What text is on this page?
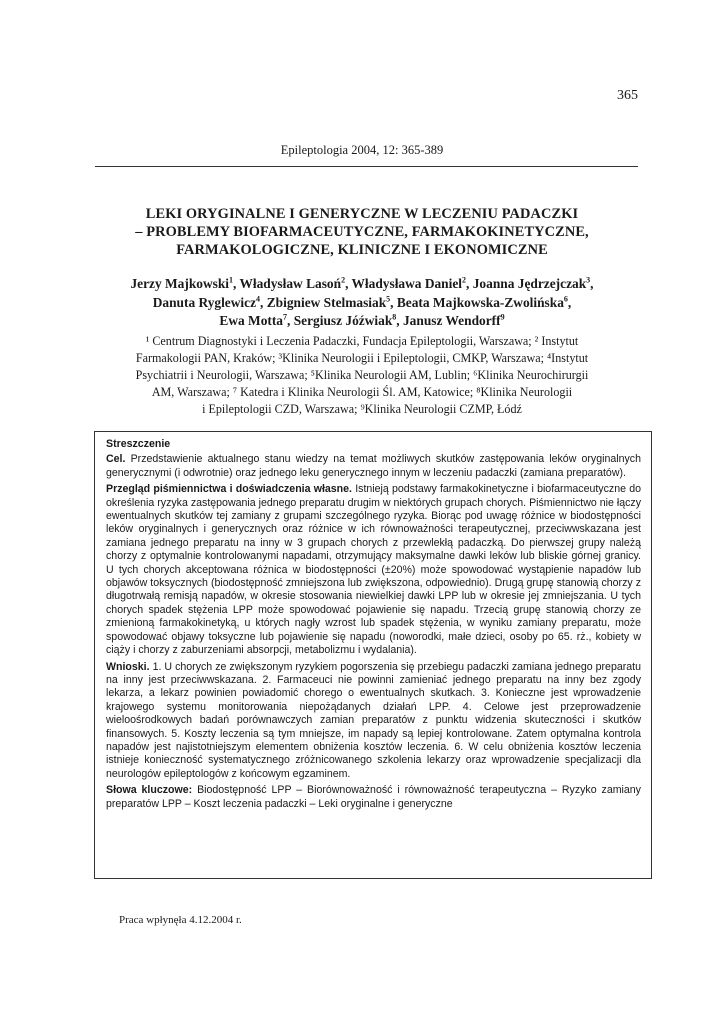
365
Epileptologia 2004, 12: 365-389
LEKI ORYGINALNE I GENERYCZNE W LECZENIU PADACZKI
– PROBLEMY BIOFARMACEUTYCZNE, FARMAKOKINETYCZNE,
FARMAKOLOGICZNE, KLINICZNE I EKONOMICZNE
Jerzy Majkowski$^1$, Władysław Lasoń$^2$, Władysława Daniel$^2$, Joanna Jędrzejczak$^3$,
Danuta Ryglewicz$^4$, Zbigniew Stelmasiak$^5$, Beata Majkowska-Zwolińska$^6$,
Ewa Motta$^7$, Sergiusz Jóźwiak$^8$, Janusz Wendorff$^9$
¹ Centrum Diagnostyki i Leczenia Padaczki, Fundacja Epileptologii, Warszawa; ² Instytut
Farmakologii PAN, Kraków; ³Klinika Neurologii i Epileptologii, CMKP, Warszawa; ⁴Instytut
Psychiatrii i Neurologii, Warszawa; ⁵Klinika Neurologii AM, Lublin; ⁶Klinika Neurochirurgii
AM, Warszawa; ⁷ Katedra i Klinika Neurologii Śl. AM, Katowice; ⁸Klinika Neurologii
i Epileptologii CZD, Warszawa; ⁹Klinika Neurologii CZMP, Łódź
Streszczenie

Cel. Przedstawienie aktualnego stanu wiedzy na temat możliwych skutków zastępowania leków oryginalnych generycznymi (i odwrotnie) oraz jednego leku generycznego innym w leczeniu padaczki (zamiana preparatów).

Przegląd piśmiennictwa i doświadczenia własne. Istnieją podstawy farmakokinetyczne i biofarmaceutyczne do określenia ryzyka zastępowania jednego preparatu drugim w niektórych grupach chorych. Piśmiennictwo nie łączy ewentualnych skutków tej zamiany z grupami szczególnego ryzyka. Biorąc pod uwagę różnice w biodostępności leków oryginalnych i generycznych oraz różnice w ich równoważności terapeutycznej, przeciwwskazana jest zamiana jednego preparatu na inny w 3 grupach chorych z przewlekłą padaczką. Do pierwszej grupy należą chorzy z optymalnie kontrolowanymi napadami, otrzymujący maksymalne dawki leków lub bliskie górnej granicy. U tych chorych akceptowana różnica w biodostępności (±20%) może spowodować wystąpienie napadów lub objawów toksycznych (biodostępność zmniejszona lub zwiększona, odpowiednio). Drugą grupę stanowią chorzy z długotrwałą remisją napadów, w okresie stosowania niewielkiej dawki LPP lub w okresie jej zmniejszania. U tych chorych spadek stężenia LPP może spowodować pojawienie się napadu. Trzecią grupę stanowią chorzy ze zmienioną farmakokinetyką, u których nagły wzrost lub spadek stężenia, w wyniku zamiany preparatu, może spowodować objawy toksyczne lub pojawienie się napadu (noworodki, małe dzieci, osoby po 65. rż., kobiety w ciąży i chorzy z zaburzeniami absorpcji, metabolizmu i wydalania).

Wnioski. 1. U chorych ze zwiększonym ryzykiem pogorszenia się przebiegu padaczki zamiana jednego preparatu na inny jest przeciwwskazana. 2. Farmaceuci nie powinni zamieniać jednego preparatu na inny bez zgody lekarza, a lekarz powinien powiadomić chorego o ewentualnych skutkach. 3. Konieczne jest wprowadzenie krajowego systemu monitorowania niepożądanych działań LPP. 4. Celowe jest przeprowadzenie wieloośrodkowych badań porównawczych zamian preparatów z punktu widzenia skuteczności i skutków finansowych. 5. Koszty leczenia są tym mniejsze, im napady są lepiej kontrolowane. Zatem optymalna kontrola napadów jest najistotniejszym elementem obniżenia kosztów leczenia. 6. W celu obniżenia kosztów leczenia istnieje konieczność systematycznego zróżnicowanego szkolenia lekarzy oraz wprowadzenie specjalizacji dla neurologów epileptologów z końcowym egzaminem.

Słowa kluczowe: Biodostępność LPP – Biorównoważność i równoważność terapeutyczna – Ryzyko zamiany preparatów LPP – Koszt leczenia padaczki – Leki oryginalne i generyczne

Praca wpłynęła 4.12.2004 r.
